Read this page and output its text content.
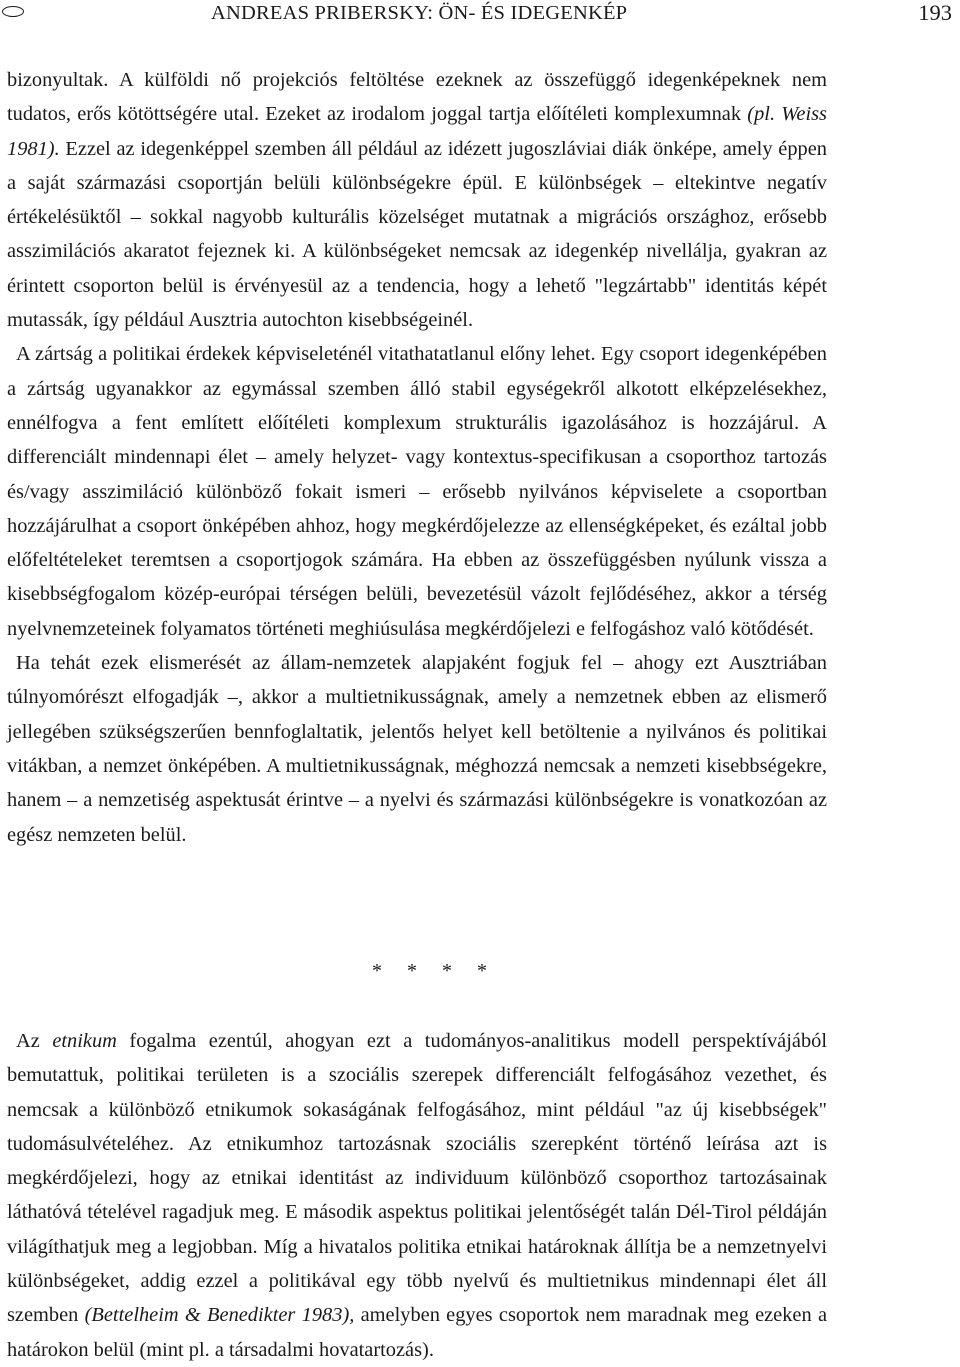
ANDREAS PRIBERSKY: ÖN- ÉS IDEGENKÉP	193

bizonyultak. A külföldi nő projekciós feltöltése ezeknek az összefüggő idegenképeknek nem tudatos, erős kötöttségére utal. Ezeket az irodalom joggal tartja előítéleti komplexumnak (pl. Weiss 1981). Ezzel az idegenképpel szemben áll például az idézett jugoszláviai diák önképe, amely éppen a saját származási csoportján belüli különbségekre épül. E különbségek – eltekintve negatív értékelésüktől – sokkal nagyobb kulturális közelséget mutatnak a migrációs országhoz, erősebb asszimilációs akaratot fejeznek ki. A különbségeket nemcsak az idegenkép nivellálja, gyakran az érintett csoporton belül is érvényesül az a tendencia, hogy a lehető "legzártabb" identitás képét mutassák, így például Ausztria autochton kisebbségeinél.

A zártság a politikai érdekek képviseleténél vitathatatlanul előny lehet. Egy csoport idegenképében a zártság ugyanakkor az egymással szemben álló stabil egységekről alkotott elképzelésekhez, ennélfogva a fent említett előítéleti komplexum strukturális igazolásához is hozzájárul. A differenciált mindennapi élet – amely helyzet- vagy kontextus-specifikusan a csoporthoz tartozás és/vagy asszimiláció különböző fokait ismeri – erősebb nyilvános képviselete a csoportban hozzájárulhat a csoport önképében ahhoz, hogy megkérdőjelezze az ellenségképeket, és ezáltal jobb előfeltételeket teremtsen a csoportjogok számára. Ha ebben az összefüggésben nyúlunk vissza a kisebbségfogalom közép-európai térségen belüli, bevezetésül vázolt fejlődéséhez, akkor a térség nyelvnemzeteinek folyamatos történeti meghiúsulása megkérdőjelezi e felfogáshoz való kötődését.

Ha tehát ezek elismerését az állam-nemzetek alapjaként fogjuk fel – ahogy ezt Ausztriában túlnyomórészt elfogadják –, akkor a multietnikusságnak, amely a nemzetnek ebben az elismerő jellegében szükségszerűen bennfoglaltatik, jelentős helyet kell betöltenie a nyilvános és politikai vitákban, a nemzet önképében. A multietnikusságnak, méghozzá nemcsak a nemzeti kisebbségekre, hanem – a nemzetiség aspektusát érintve – a nyelvi és származási különbségekre is vonatkozóan az egész nemzeten belül.

* * * *

Az etnikum fogalma ezentúl, ahogyan ezt a tudományos-analitikus modell perspektívájából bemutattuk, politikai területen is a szociális szerepek differenciált felfogásához vezethet, és nemcsak a különböző etnikumok sokaságának felfogásához, mint például "az új kisebbségek" tudomásulvételéhez. Az etnikumhoz tartozásnak szociális szerepként történő leírása azt is megkérdőjelezi, hogy az etnikai identitást az individuum különböző csoporthoz tartozásainak láthatóvá tételével ragadjuk meg. E második aspektus politikai jelentőségét talán Dél-Tirol példáján világíthatjuk meg a legjobban. Míg a hivatalos politika etnikai határoknak állítja be a nemzetnyelvi különbségeket, addig ezzel a politikával egy több nyelvű és multietnikus mindennapi élet áll szemben (Bettelheim & Benedikter 1983), amelyben egyes csoportok nem maradnak meg ezeken a határokon belül (mint pl. a társadalmi hovatartozás).
